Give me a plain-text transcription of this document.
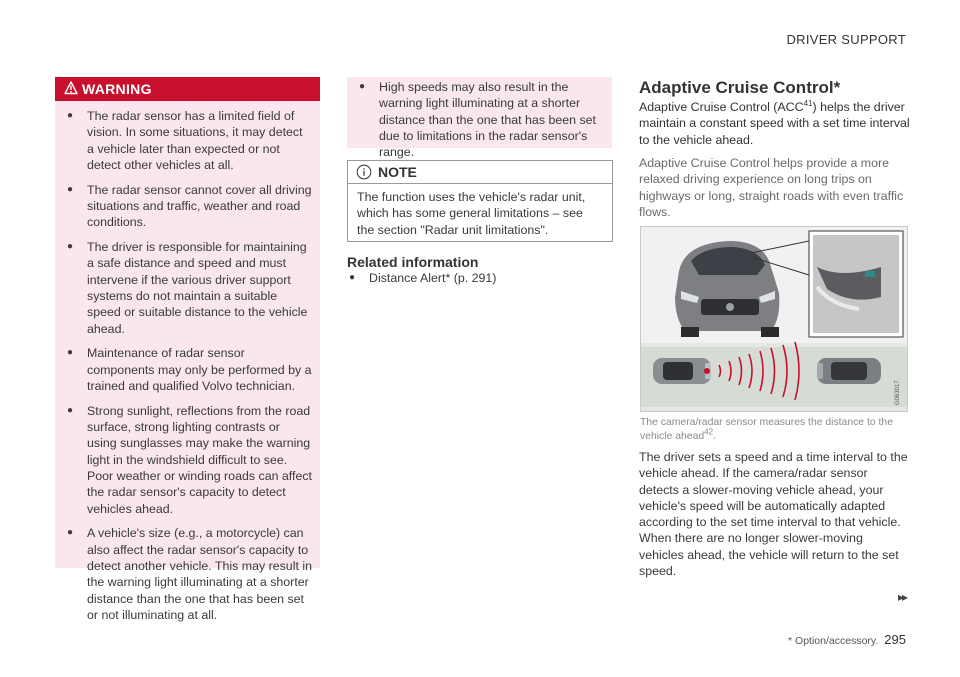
DRIVER SUPPORT
WARNING
● The radar sensor has a limited field of vision. In some situations, it may detect a vehicle later than expected or not detect other vehicles at all.
● The radar sensor cannot cover all driving situations and traffic, weather and road conditions.
● The driver is responsible for maintaining a safe distance and speed and must intervene if the various driver support systems do not maintain a suitable speed or suitable distance to the vehicle ahead.
● Maintenance of radar sensor components may only be performed by a trained and qualified Volvo technician.
● Strong sunlight, reflections from the road surface, strong lighting contrasts or using sunglasses may make the warning light in the windshield difficult to see. Poor weather or winding roads can affect the radar sensor's capacity to detect vehicles ahead.
● A vehicle's size (e.g., a motorcycle) can also affect the radar sensor's capacity to detect another vehicle. This may result in the warning light illuminating at a shorter distance than the one that has been set or not illuminating at all.
● High speeds may also result in the warning light illuminating at a shorter distance than the one that has been set due to limitations in the radar sensor's range.
NOTE
The function uses the vehicle's radar unit, which has some general limitations – see the section "Radar unit limitations".
Related information
● Distance Alert* (p. 291)
Adaptive Cruise Control*
Adaptive Cruise Control (ACC$^{41}$) helps the driver maintain a constant speed with a set time interval to the vehicle ahead.
Adaptive Cruise Control helps provide a more relaxed driving experience on long trips on highways or long, straight roads with even traffic flows.
G063017
The camera/radar sensor measures the distance to the vehicle ahead$^{42}$.
The driver sets a speed and a time interval to the vehicle ahead. If the camera/radar sensor detects a slower-moving vehicle ahead, your vehicle's speed will be automatically adapted according to the set time interval to that vehicle. When there are no longer slower-moving vehicles ahead, the vehicle will return to the set speed.
▸▸
* Option/accessory. 295
